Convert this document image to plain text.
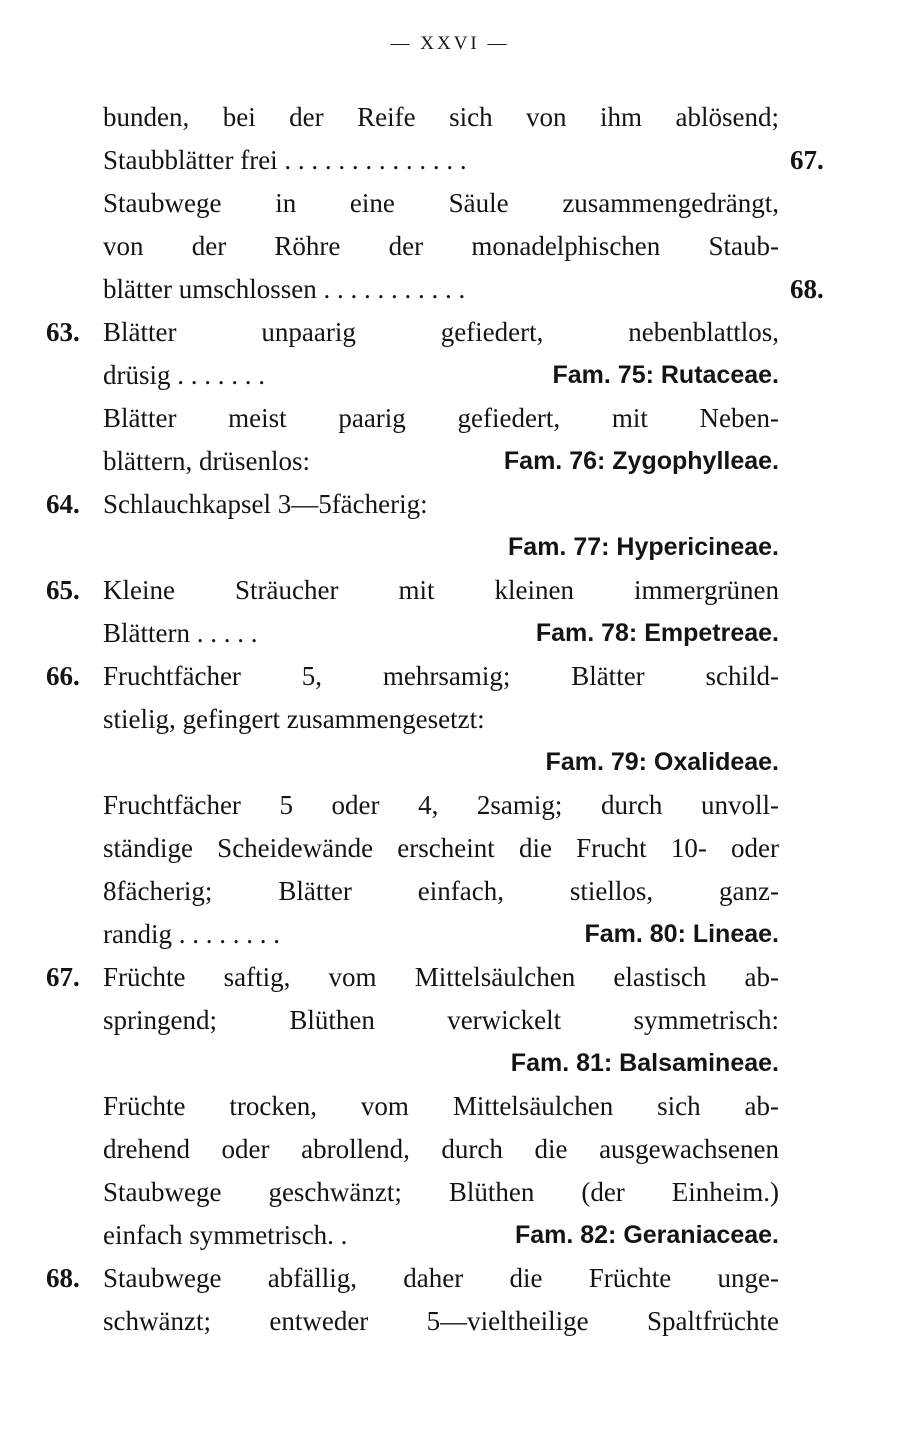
— XXVI —
bunden, bei der Reife sich von ihm ablösend;
Staubblätter frei . . . . . . . . . . . . . .	67.
Staubwege in eine Säule zusammengedrängt,
von der Röhre der monadelphischen Staub-
blätter umschlossen . . . . . . . . . . .	68.
63. Blätter unpaarig gefiedert, nebenblattlos,
drüsig . . . . . . .	Fam. 75: Rutaceae.
Blätter meist paarig gefiedert, mit Neben-
blättern, drüsenlos:	Fam. 76: Zygophylleae.
64. Schlauchkapsel 3—5fächerig:
Fam. 77: Hypericineae.
65. Kleine Sträucher mit kleinen immergrünen
Blättern . . . . .	Fam. 78: Empetreae.
66. Fruchtfächer 5, mehrsamig; Blätter schild-
stielig, gefingert zusammengesetzt:
Fam. 79: Oxalideae.
Fruchtfächer 5 oder 4, 2samig; durch unvoll-
ständige Scheidewände erscheint die Frucht 10- oder
8fächerig; Blätter einfach, stiellos, ganz-
randig . . . . . . . .	Fam. 80: Lineae.
67. Früchte saftig, vom Mittelsäulchen elastisch ab-
springend; Blüthen verwickelt symmetrisch:
Fam. 81: Balsamineae.
Früchte trocken, vom Mittelsäulchen sich ab-
drehend oder abrollend, durch die ausgewachsenen
Staubwege geschwänzt; Blüthen (der Einheim.)
einfach symmetrisch. .	Fam. 82: Geraniaceae.
68. Staubwege abfällig, daher die Früchte unge-
schwänzt; entweder 5—vieltheilige Spaltfrüchte
